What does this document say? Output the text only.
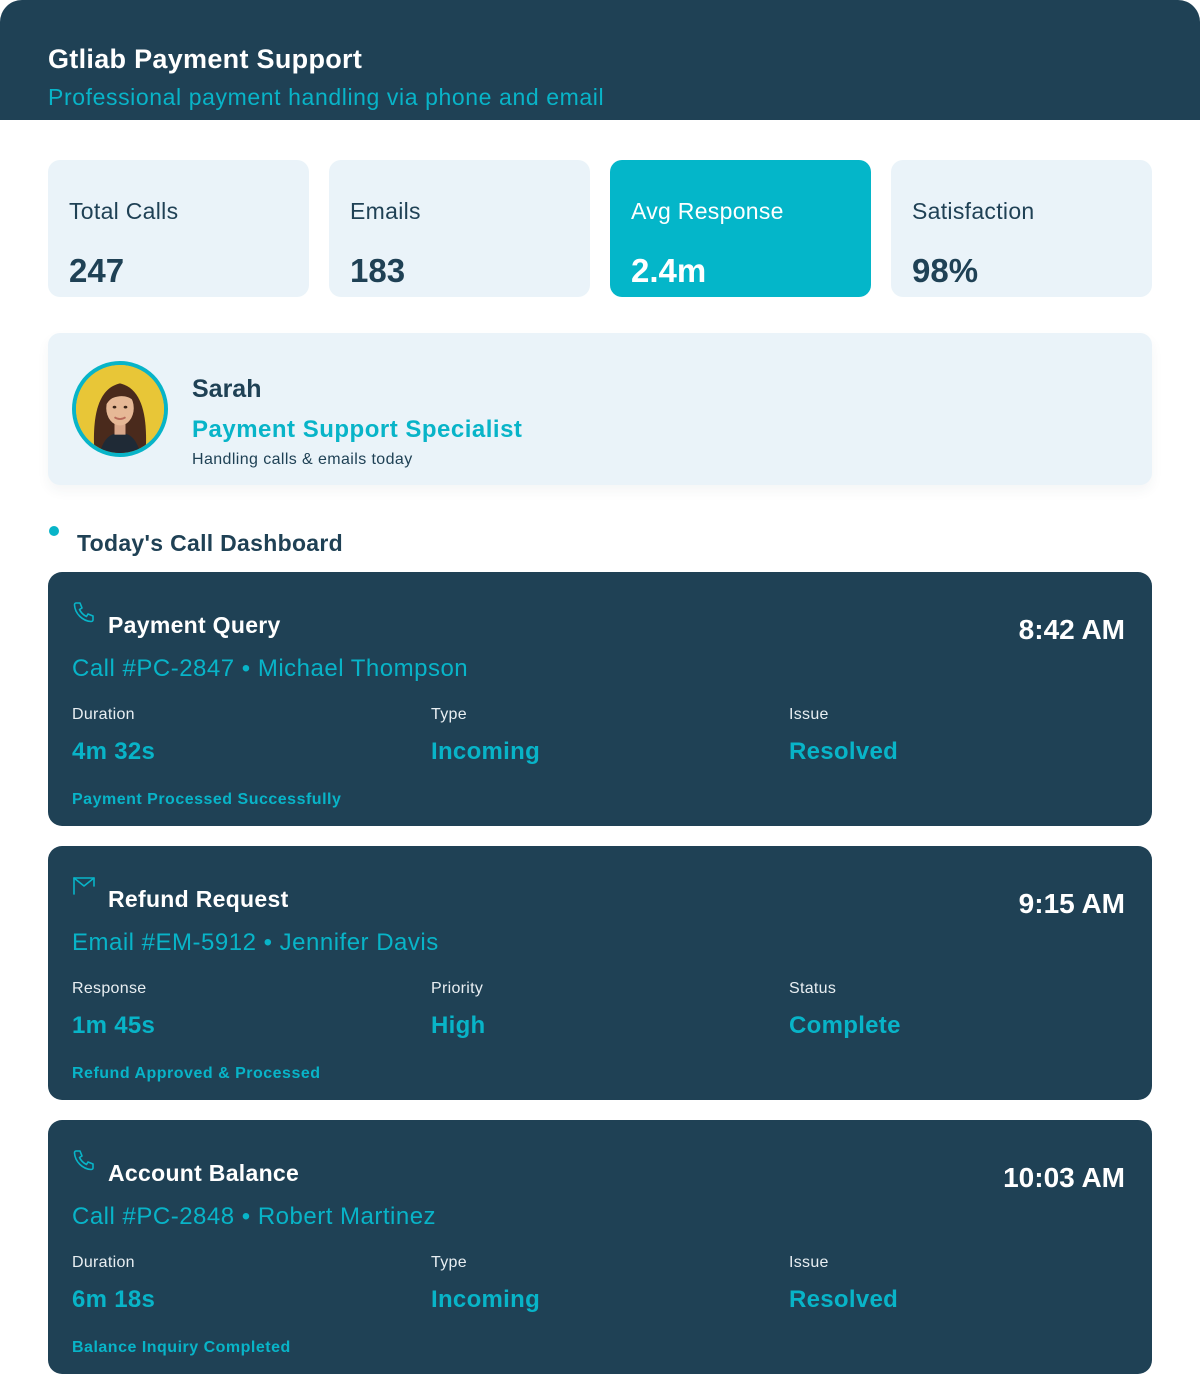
Gtliab Payment Support
Professional payment handling via phone and email
Total Calls
247
Emails
183
Avg Response
2.4m
Satisfaction
98%
Sarah
Payment Support Specialist
Handling calls & emails today
Today's Call Dashboard
Payment Query	8:42 AM
Call #PC-2847 • Michael Thompson
Duration
4m 32s
Type
Incoming
Issue
Resolved
Payment Processed Successfully
Refund Request	9:15 AM
Email #EM-5912 • Jennifer Davis
Response
1m 45s
Priority
High
Status
Complete
Refund Approved & Processed
Account Balance	10:03 AM
Call #PC-2848 • Robert Martinez
Duration
6m 18s
Type
Incoming
Issue
Resolved
Balance Inquiry Completed
